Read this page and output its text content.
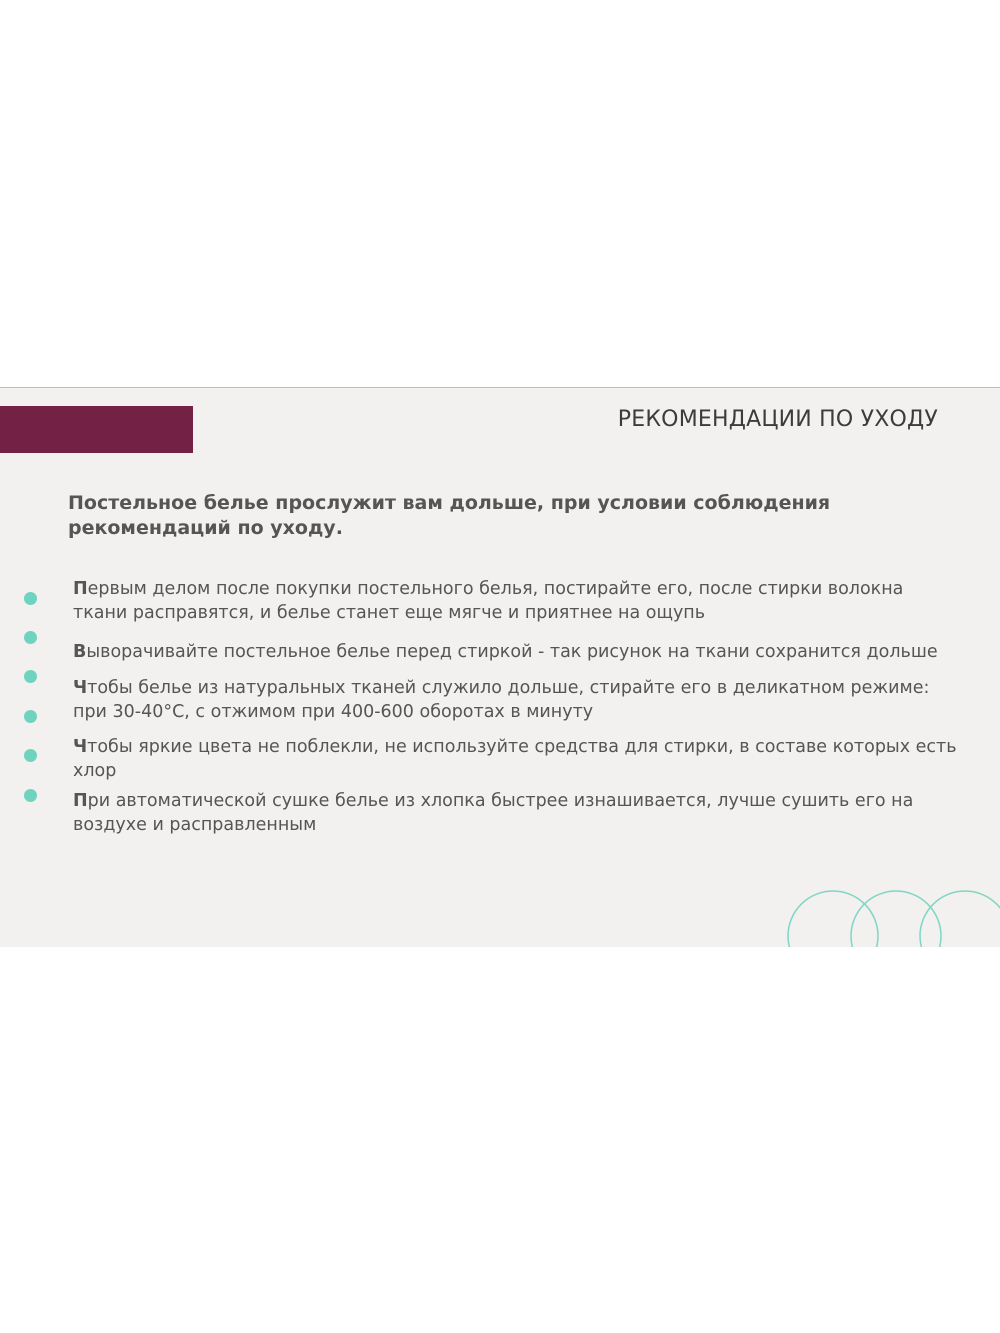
РЕКОМЕНДАЦИИ ПО УХОДУ
Постельное белье прослужит вам дольше, при условии соблюдения рекомендаций по уходу.
Первым делом после покупки постельного белья, постирайте его, после стирки волокна ткани расправятся, и белье станет еще мягче и приятнее на ощупь
Выворачивайте постельное белье перед стиркой - так рисунок на ткани сохранится дольше
Чтобы белье из натуральных тканей служило дольше, стирайте его в деликатном режиме: при 30-40°C, с отжимом при 400-600 оборотах в минуту
Чтобы яркие цвета не поблекли, не используйте средства для стирки, в составе которых есть хлор
При автоматической сушке белье из хлопка быстрее изнашивается, лучше сушить его на воздухе и расправленным
